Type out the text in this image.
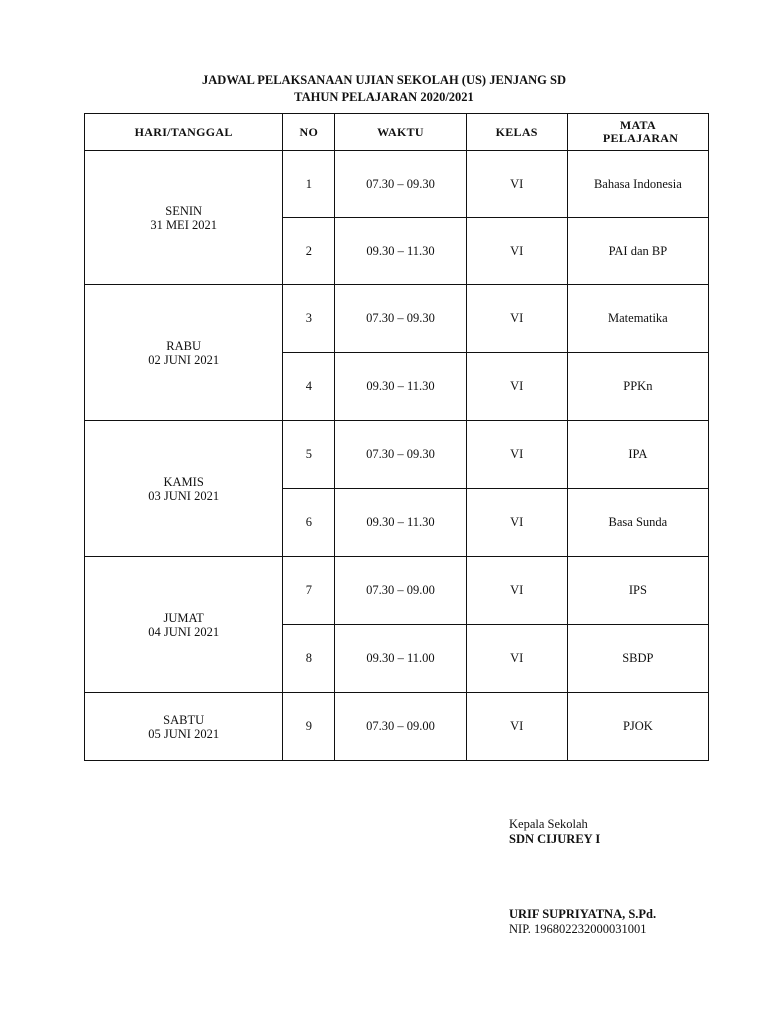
JADWAL PELAKSANAAN UJIAN SEKOLAH (US) JENJANG SD
TAHUN PELAJARAN 2020/2021
HARI/TANGGAL	NO	WAKTU	KELAS	MATA PELAJARAN

SENIN
31 MEI 2021	1	07.30 – 09.30	VI	Bahasa Indonesia
	2	09.30 – 11.30	VI	PAI dan BP

RABU
02 JUNI 2021	3	07.30 – 09.30	VI	Matematika
	4	09.30 – 11.30	VI	PPKn

KAMIS
03 JUNI 2021	5	07.30 – 09.30	VI	IPA
	6	09.30 – 11.30	VI	Basa Sunda

JUMAT
04 JUNI 2021	7	07.30 – 09.00	VI	IPS
	8	09.30 – 11.00	VI	SBDP

SABTU
05 JUNI 2021	9	07.30 – 09.00	VI	PJOK
Kepala Sekolah
SDN CIJUREY I
URIF SUPRIYATNA, S.Pd.
NIP. 196802232000031001
